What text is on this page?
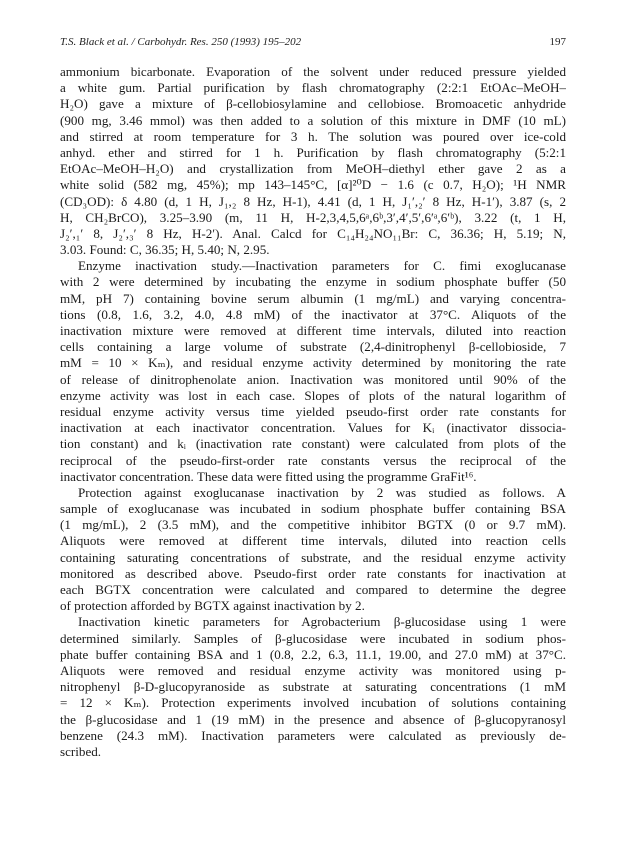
T.S. Black et al. / Carbohydr. Res. 250 (1993) 195–202	197
ammonium bicarbonate. Evaporation of the solvent under reduced pressure yielded
a white gum. Partial purification by flash chromatography (2:2:1 EtOAc–MeOH–
H₂O) gave a mixture of β-cellobiosylamine and cellobiose. Bromoacetic anhydride
(900 mg, 3.46 mmol) was then added to a solution of this mixture in DMF (10 mL)
and stirred at room temperature for 3 h. The solution was poured over ice-cold
anhyd. ether and stirred for 1 h. Purification by flash chromatography (5:2:1
EtOAc–MeOH–H₂O) and crystallization from MeOH–diethyl ether gave 2 as a
white solid (582 mg, 45%); mp 143–145°C, [α]²⁰D − 1.6 (c 0.7, H₂O); ¹H NMR
(CD₃OD): δ 4.80 (d, 1 H, J₁,₂ 8 Hz, H-1), 4.41 (d, 1 H, J₁′,₂′ 8 Hz, H-1′), 3.87 (s, 2
H, CH₂BrCO), 3.25–3.90 (m, 11 H, H-2,3,4,5,6ᵃ,6ᵇ,3′,4′,5′,6′ᵃ,6′ᵇ), 3.22 (t, 1 H,
J₂′,₁′ 8, J₂′,₃′ 8 Hz, H-2′). Anal. Calcd for C₁₄H₂₄NO₁₁Br: C, 36.36; H, 5.19; N,
3.03. Found: C, 36.35; H, 5.40; N, 2.95.
Enzyme inactivation study.—Inactivation parameters for C. fimi exoglucanase
with 2 were determined by incubating the enzyme in sodium phosphate buffer (50
mM, pH 7) containing bovine serum albumin (1 mg/mL) and varying concentra-
tions (0.8, 1.6, 3.2, 4.0, 4.8 mM) of the inactivator at 37°C. Aliquots of the
inactivation mixture were removed at different time intervals, diluted into reaction
cells containing a large volume of substrate (2,4-dinitrophenyl β-cellobioside, 7
mM = 10 × Kₘ), and residual enzyme activity determined by monitoring the rate
of release of dinitrophenolate anion. Inactivation was monitored until 90% of the
enzyme activity was lost in each case. Slopes of plots of the natural logarithm of
residual enzyme activity versus time yielded pseudo-first order rate constants for
inactivation at each inactivator concentration. Values for Kᵢ (inactivator dissocia-
tion constant) and kᵢ (inactivation rate constant) were calculated from plots of the
reciprocal of the pseudo-first-order rate constants versus the reciprocal of the
inactivator concentration. These data were fitted using the programme GraFit¹⁶.
Protection against exoglucanase inactivation by 2 was studied as follows. A
sample of exoglucanase was incubated in sodium phosphate buffer containing BSA
(1 mg/mL), 2 (3.5 mM), and the competitive inhibitor BGTX (0 or 9.7 mM).
Aliquots were removed at different time intervals, diluted into reaction cells
containing saturating concentrations of substrate, and the residual enzyme activity
monitored as described above. Pseudo-first order rate constants for inactivation at
each BGTX concentration were calculated and compared to determine the degree
of protection afforded by BGTX against inactivation by 2.
Inactivation kinetic parameters for Agrobacterium β-glucosidase using 1 were
determined similarly. Samples of β-glucosidase were incubated in sodium phos-
phate buffer containing BSA and 1 (0.8, 2.2, 6.3, 11.1, 19.00, and 27.0 mM) at 37°C.
Aliquots were removed and residual enzyme activity was monitored using p-
nitrophenyl β-D-glucopyranoside as substrate at saturating concentrations (1 mM
= 12 × Kₘ). Protection experiments involved incubation of solutions containing
the β-glucosidase and 1 (19 mM) in the presence and absence of β-glucopyranosyl
benzene (24.3 mM). Inactivation parameters were calculated as previously de-
scribed.
